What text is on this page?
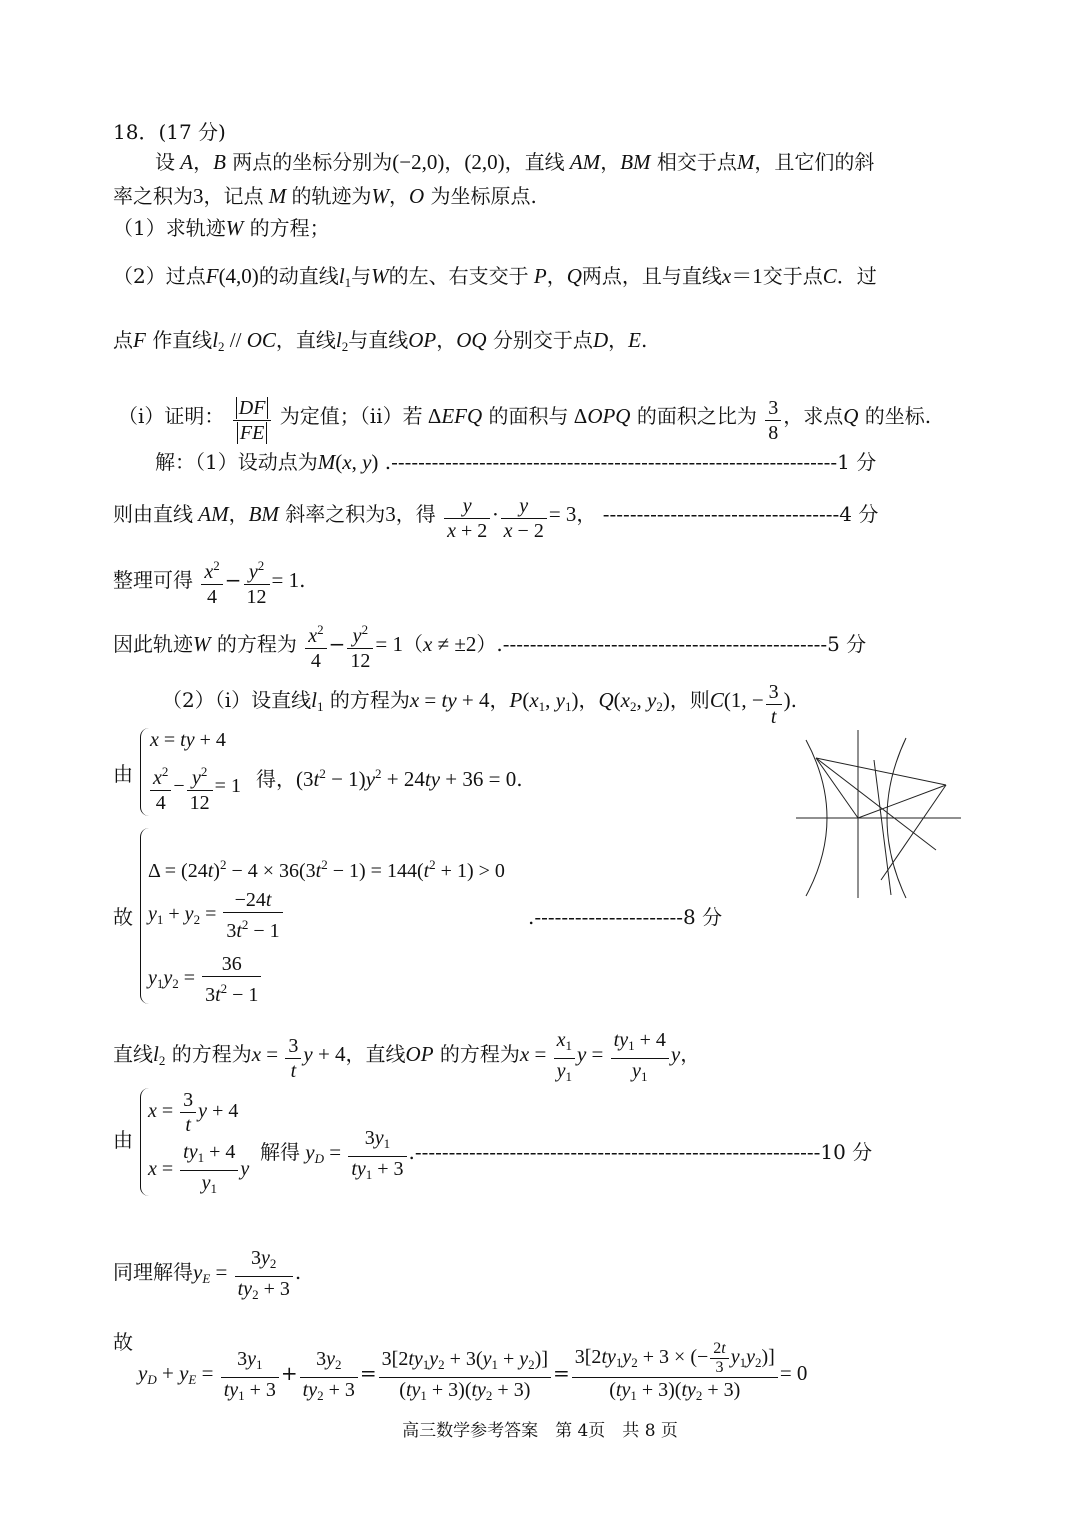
18．(17 分)
设 A，B 两点的坐标分别为(−2,0)，(2,0)，直线 AM，BM 相交于点M，且它们的斜
率之积为3，记点 M 的轨迹为W，O 为坐标原点.
（1）求轨迹W 的方程；
（2）过点F(4,0)的动直线$l_1$与W的左、右支交于 P，Q两点，且与直线x＝1交于点C．过
点F 作直线$l_2$ // OC，直线$l_2$与直线OP，OQ 分别交于点D，E.
（i）证明： $\frac{DF}{FE}$ 为定值；（ii）若 ΔEFQ 的面积与 ΔOPQ 的面积之比为 $\frac{3}{8}$ ，求点Q 的坐标.
解：（1）设动点为M(x, y) .------------------------------------------------------------------1 分
则由直线 AM，BM 斜率之积为3，得 $\frac{y}{x + 2} \cdot \frac{y}{x - 2} = 3$， -----------------------------------4 分
整理可得 $\frac{x^2}{4} - \frac{y^2}{12} = 1$.
因此轨迹W 的方程为 $\frac{x^2}{4} - \frac{y^2}{12} = 1(x \ne \pm 2).------------------------------------------------5$ 分
（2）（i）设直线$l_1$ 的方程为x = ty + 4，$P(x_1$, $y_1$)，$Q(x_2$, $y_2$)，则C(1, − $\frac{3}{t}$ ).
由
x = ty + 4
$\frac{x^2}{4} - \frac{y^2}{12} = 1$ 得，$(3t^2 - 1)y^2 + 24ty + 36 = 0$.
故
$\Delta = (24t)^2 - 4 \times 36(3t^2 - 1) = 144(t^2 + 1) > 0$
$y_1 + y_2 = \frac{-24t}{3t^2 - 1}$
$y_1y_2 = \frac{36}{3t^2 - 1}$
.----------------------8 分
直线$l_2$ 的方程为$x = \frac{3}{t}$ y + 4，直线OP 的方程为$x = \frac{x_1}{y_1}$ $y = \frac{ty_1 + 4}{y_1}$ y，
由
$x = \frac{3}{t}$ y + 4
$x = \frac{ty_1 + 4}{y_1}$ y
解得 $y_D = \frac{3y_1}{ty_1 + 3} .------------------------------------------------------------10$ 分
同理解得$y_E = \frac{3y_2}{ty_2 + 3}$ .
故
$y_D + y_E = \frac{3y_1}{ty_1 + 3} + \frac{3y_2}{ty_2 + 3} = \frac{3[2ty_1y_2 + 3(y_1 + y_2)]}{(ty_1 + 3)(ty_2 + 3)} = \frac{3[2ty_1y_2 + 3 \times (- \frac{2t}{3} y_1y_2)]}{(ty_1 + 3)(ty_2 + 3)} = 0$
高三数学参考答案　第 4页　共 8 页
